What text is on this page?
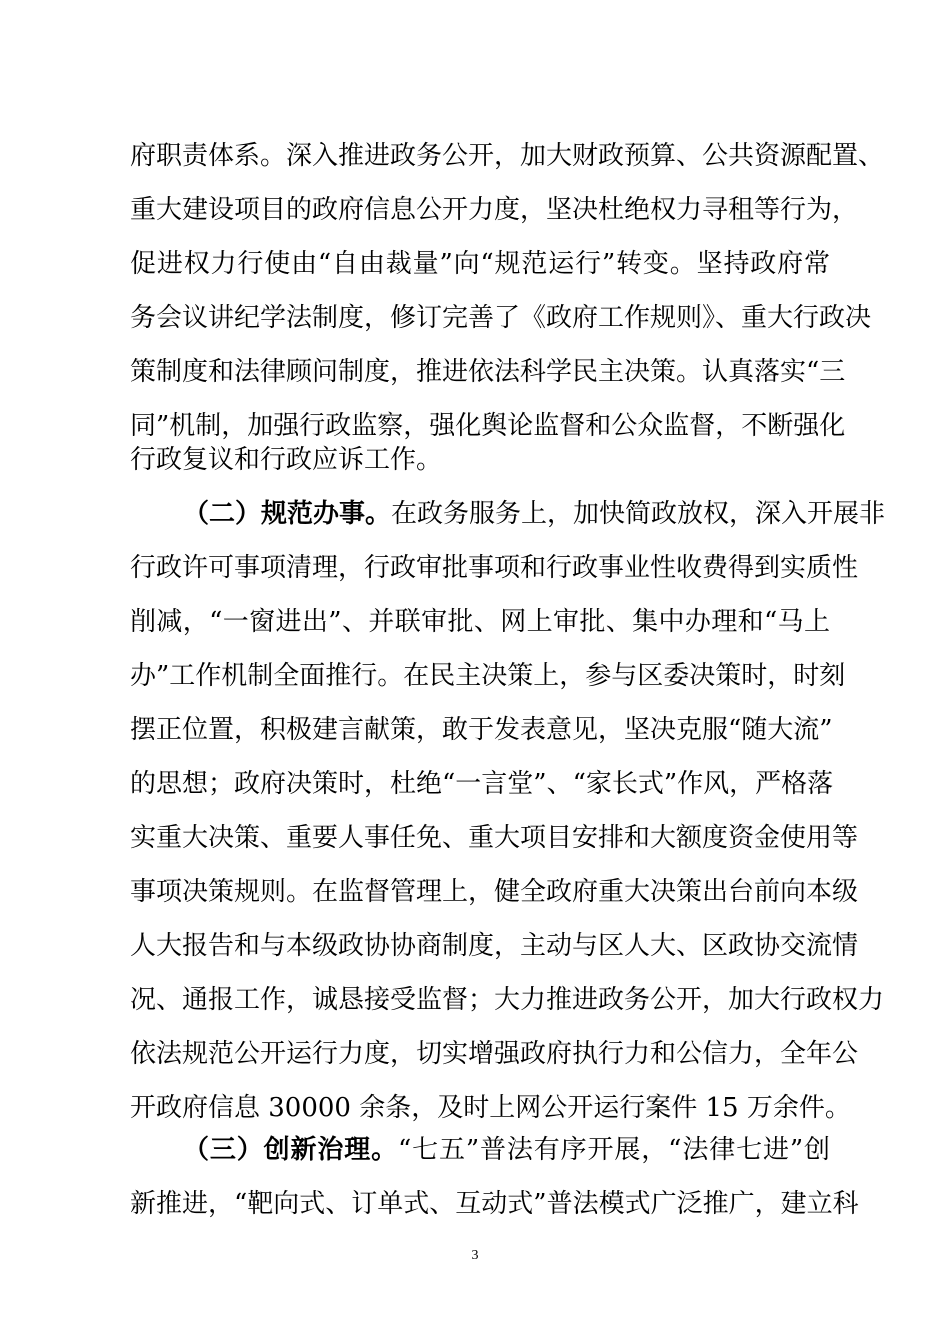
府职责体系。深入推进政务公开，加大财政预算、公共资源配置、
重大建设项目的政府信息公开力度，坚决杜绝权力寻租等行为，
促进权力行使由“自由裁量”向“规范运行”转变。坚持政府常
务会议讲纪学法制度，修订完善了《政府工作规则》、重大行政决
策制度和法律顾问制度，推进依法科学民主决策。认真落实“三
同”机制，加强行政监察，强化舆论监督和公众监督，不断强化
行政复议和行政应诉工作。
（二）规范办事。在政务服务上，加快简政放权，深入开展非
行政许可事项清理，行政审批事项和行政事业性收费得到实质性
削减，“一窗进出”、并联审批、网上审批、集中办理和“马上
办”工作机制全面推行。在民主决策上，参与区委决策时，时刻
摆正位置，积极建言献策，敢于发表意见，坚决克服“随大流”
的思想；政府决策时，杜绝“一言堂”、“家长式”作风，严格落
实重大决策、重要人事任免、重大项目安排和大额度资金使用等
事项决策规则。在监督管理上，健全政府重大决策出台前向本级
人大报告和与本级政协协商制度，主动与区人大、区政协交流情
况、通报工作，诚恳接受监督；大力推进政务公开，加大行政权力
依法规范公开运行力度，切实增强政府执行力和公信力，全年公
开政府信息 30000 余条，及时上网公开运行案件 15 万余件。
（三）创新治理。“七五”普法有序开展，“法律七进”创
新推进，“靶向式、订单式、互动式”普法模式广泛推广，建立科
3
